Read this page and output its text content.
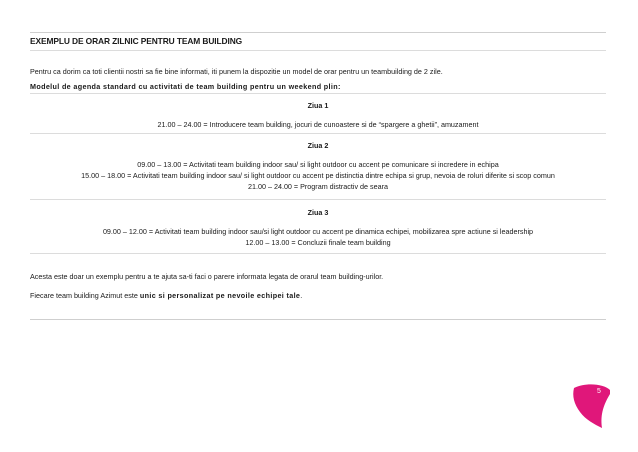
EXEMPLU DE ORAR ZILNIC PENTRU TEAM BUILDING
Pentru ca dorim ca toti clientii nostri sa fie bine informati, iti punem la dispozitie un model de orar pentru un teambuilding de 2 zile.
Modelul de agenda standard cu activitati de team building pentru un weekend plin:
Ziua 1
21.00 – 24.00 = Introducere team building, jocuri de cunoastere si de “spargere a ghetii”, amuzament
Ziua 2
09.00 – 13.00 = Activitati team building indoor sau/ si light outdoor cu accent pe comunicare si incredere in echipa
15.00 – 18.00 = Activitati team building indoor sau/ si light outdoor cu accent pe distinctia dintre echipa si grup, nevoia de roluri diferite si scop comun
21.00 – 24.00 = Program distractiv de seara
Ziua 3
09.00 – 12.00 = Activitati team building indoor sau/si light outdoor cu accent pe dinamica echipei, mobilizarea spre actiune si leadership
12.00 – 13.00 = Concluzii finale team building
Acesta este doar un exemplu pentru a te ajuta sa-ti faci o parere informata legata de orarul team building-urilor.
Fiecare team building Azimut este unic si personalizat pe nevoile echipei tale.
5
